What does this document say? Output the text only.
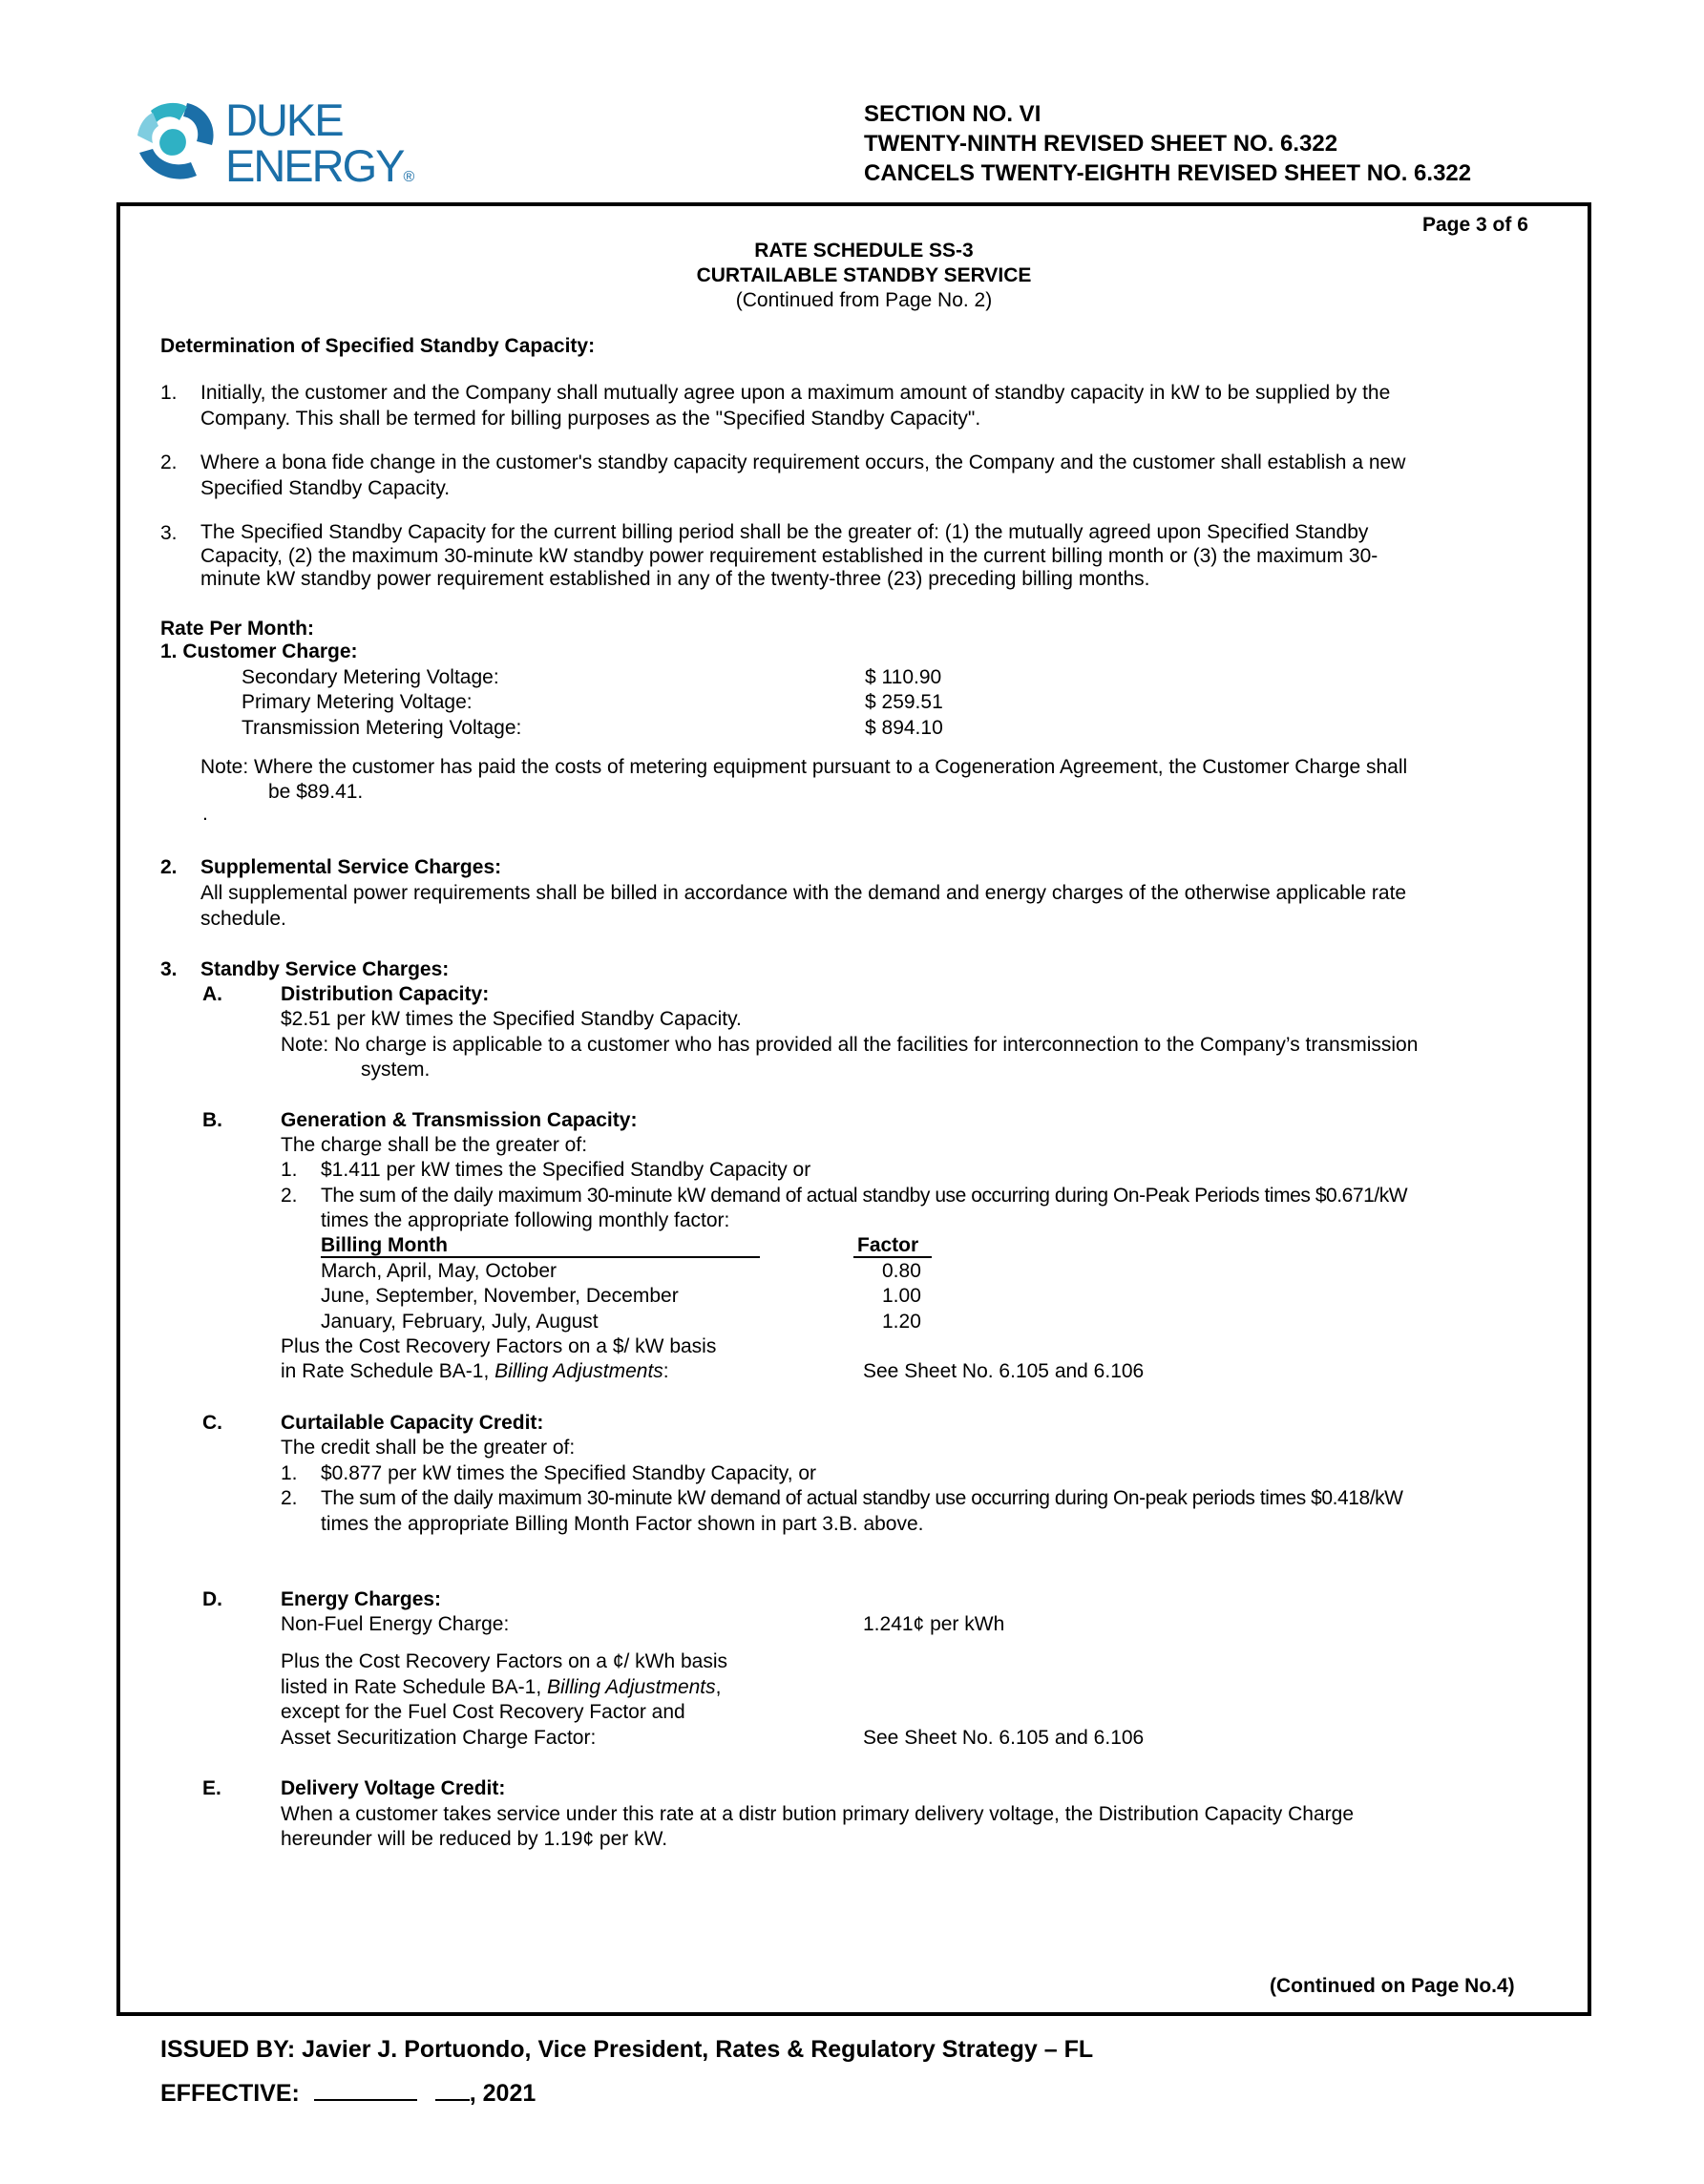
DUKE
ENERGY®
SECTION NO. VI
TWENTY-NINTH REVISED SHEET NO. 6.322
CANCELS TWENTY-EIGHTH REVISED SHEET NO. 6.322
Page 3 of 6
RATE SCHEDULE SS-3
CURTAILABLE STANDBY SERVICE
(Continued from Page No. 2)
Determination of Specified Standby Capacity:
1. Initially, the customer and the Company shall mutually agree upon a maximum amount of standby capacity in kW to be supplied by the
Company. This shall be termed for billing purposes as the "Specified Standby Capacity".
2. Where a bona fide change in the customer's standby capacity requirement occurs, the Company and the customer shall establish a new
Specified Standby Capacity.
3. The Specified Standby Capacity for the current billing period shall be the greater of: (1) the mutually agreed upon Specified Standby
Capacity, (2) the maximum 30-minute kW standby power requirement established in the current billing month or (3) the maximum 30-
minute kW standby power requirement established in any of the twenty-three (23) preceding billing months.
Rate Per Month:
1. Customer Charge:
Secondary Metering Voltage:	$ 110.90
Primary Metering Voltage:	$ 259.51
Transmission Metering Voltage:	$ 894.10
Note: Where the customer has paid the costs of metering equipment pursuant to a Cogeneration Agreement, the Customer Charge shall
be $89.41.
.
2. Supplemental Service Charges:
All supplemental power requirements shall be billed in accordance with the demand and energy charges of the otherwise applicable rate
schedule.
3. Standby Service Charges:
A.	Distribution Capacity:
$2.51 per kW times the Specified Standby Capacity.
Note: No charge is applicable to a customer who has provided all the facilities for interconnection to the Company’s transmission
system.
B.	Generation & Transmission Capacity:
The charge shall be the greater of:
1. $1.411 per kW times the Specified Standby Capacity or
2. The sum of the daily maximum 30-minute kW demand of actual standby use occurring during On-Peak Periods times $0.671/kW
times the appropriate following monthly factor:
Billing Month	Factor
March, April, May, October	0.80
June, September, November, December	1.00
January, February, July, August	1.20
Plus the Cost Recovery Factors on a $/ kW basis
in Rate Schedule BA-1, Billing Adjustments:	See Sheet No. 6.105 and 6.106
C.	Curtailable Capacity Credit:
The credit shall be the greater of:
1. $0.877 per kW times the Specified Standby Capacity, or
2. The sum of the daily maximum 30-minute kW demand of actual standby use occurring during On-peak periods times $0.418/kW
times the appropriate Billing Month Factor shown in part 3.B. above.
D.	Energy Charges:
Non-Fuel Energy Charge:	1.241¢ per kWh
Plus the Cost Recovery Factors on a ¢/ kWh basis
listed in Rate Schedule BA-1, Billing Adjustments,
except for the Fuel Cost Recovery Factor and
Asset Securitization Charge Factor:	See Sheet No. 6.105 and 6.106
E.	Delivery Voltage Credit:
When a customer takes service under this rate at a distr bution primary delivery voltage, the Distribution Capacity Charge
hereunder will be reduced by 1.19¢ per kW.
(Continued on Page No.4)
ISSUED BY: Javier J. Portuondo, Vice President, Rates & Regulatory Strategy – FL
EFFECTIVE:	, 2021
